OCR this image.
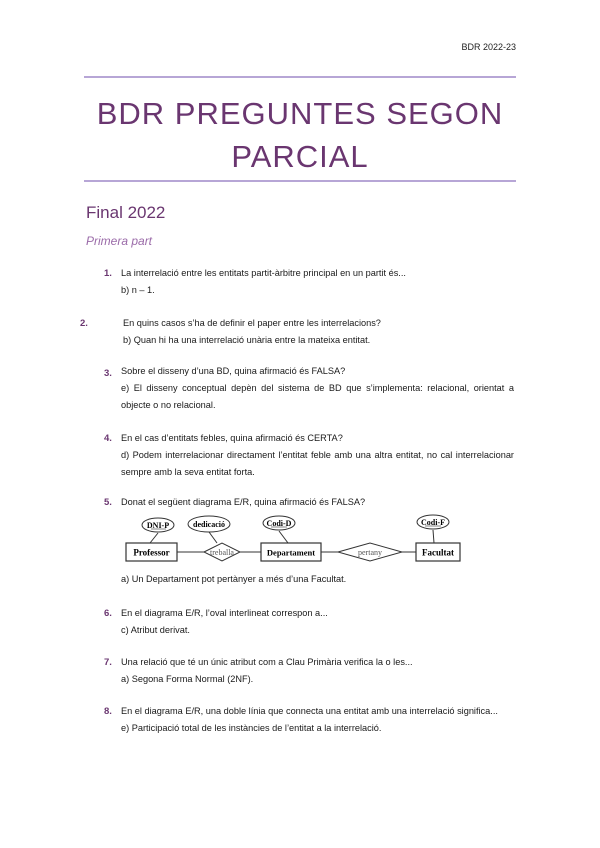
BDR 2022-23
BDR PREGUNTES SEGON
PARCIAL
Final 2022
Primera part
1. La interrelació entre les entitats partit-àrbitre principal en un partit és...
b) n – 1.
2.	En quins casos s’ha de definir el paper entre les interrelacions?
b) Quan hi ha una interrelació unària entre la mateixa entitat.
3. Sobre el disseny d’una BD, quina afirmació és FALSA?
e) El disseny conceptual depèn del sistema de BD que s’implementa: relacional, orientat a objecte o no relacional.
4. En el cas d’entitats febles, quina afirmació és CERTA?
d) Podem interrelacionar directament l’entitat feble amb una altra entitat, no cal interrelacionar sempre amb la seva entitat forta.
5. Donat el següent diagrama E/R, quina afirmació és FALSA?
DNI-P	dedicació	Codi-D	Codi-F
Professor	Departament	Facultat
treballa	pertany
a) Un Departament pot pertànyer a més d’una Facultat.
6. En el diagrama E/R, l’oval interlineat correspon a...
c) Atribut derivat.
7. Una relació que té un únic atribut com a Clau Primària verifica la o les...
a) Segona Forma Normal (2NF).
8. En el diagrama E/R, una doble línia que connecta una entitat amb una interrelació significa...
e) Participació total de les instàncies de l’entitat a la interrelació.
